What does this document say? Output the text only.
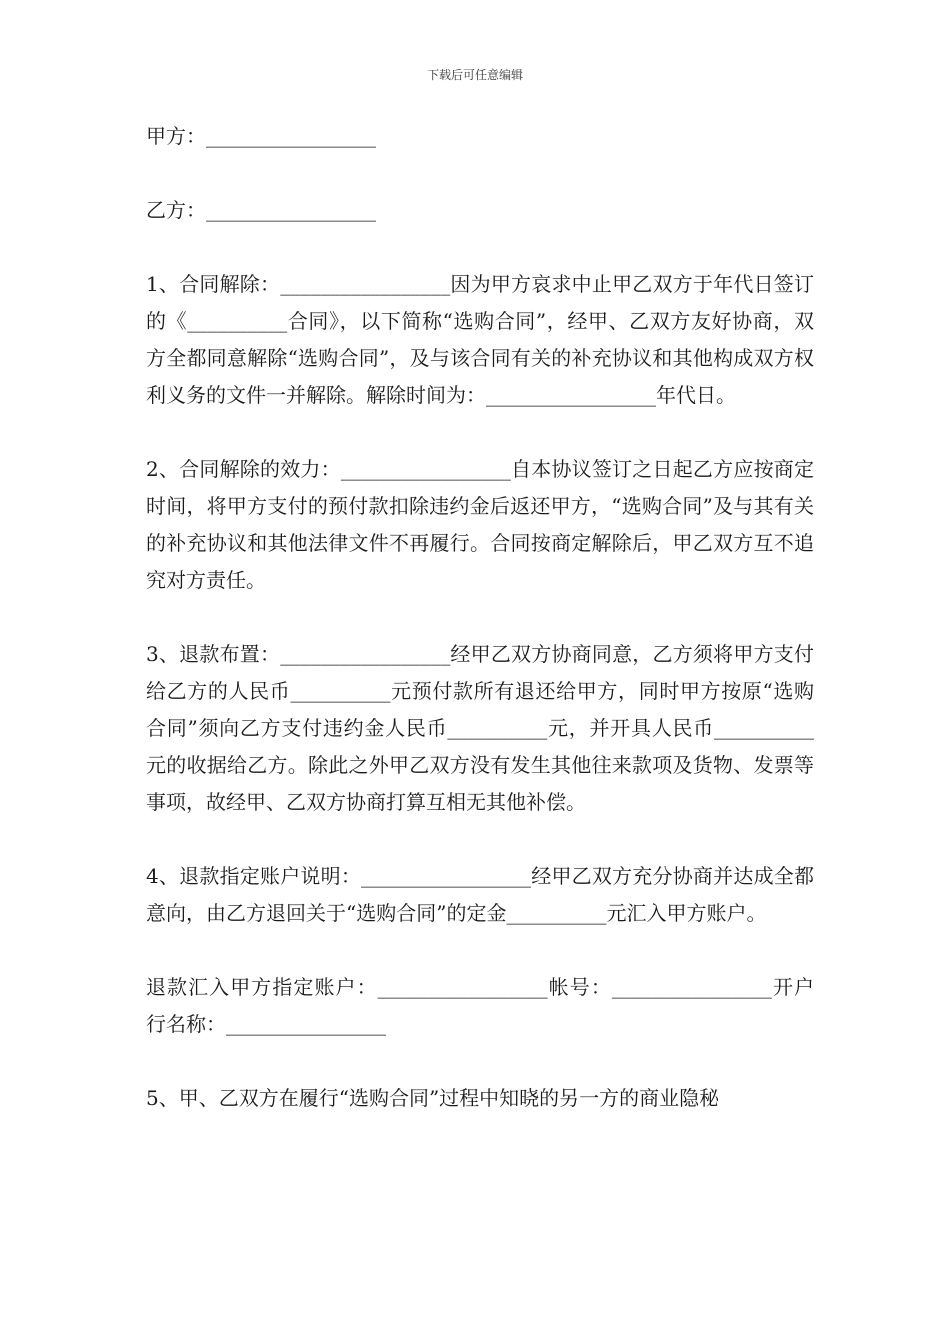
下载后可任意编辑
甲方：_________________
乙方：_________________
1、合同解除：_________________因为甲方哀求中止甲乙双方于年代日签订的《__________合同》，以下简称“选购合同”，经甲、乙双方友好协商，双方全都同意解除“选购合同”，及与该合同有关的补充协议和其他构成双方权利义务的文件一并解除。解除时间为：_________________年代日。
2、合同解除的效力：_________________自本协议签订之日起乙方应按商定时间，将甲方支付的预付款扣除违约金后返还甲方，“选购合同”及与其有关的补充协议和其他法律文件不再履行。合同按商定解除后，甲乙双方互不追究对方责任。
3、退款布置：_________________经甲乙双方协商同意，乙方须将甲方支付给乙方的人民币__________元预付款所有退还给甲方，同时甲方按原“选购合同”须向乙方支付违约金人民币__________元，并开具人民币__________元的收据给乙方。除此之外甲乙双方没有发生其他往来款项及货物、发票等事项，故经甲、乙双方协商打算互相无其他补偿。
4、退款指定账户说明：_________________经甲乙双方充分协商并达成全都意向，由乙方退回关于“选购合同”的定金__________元汇入甲方账户。
退款汇入甲方指定账户：_________________帐号：________________开户行名称：________________
5、甲、乙双方在履行“选购合同”过程中知晓的另一方的商业隐秘
